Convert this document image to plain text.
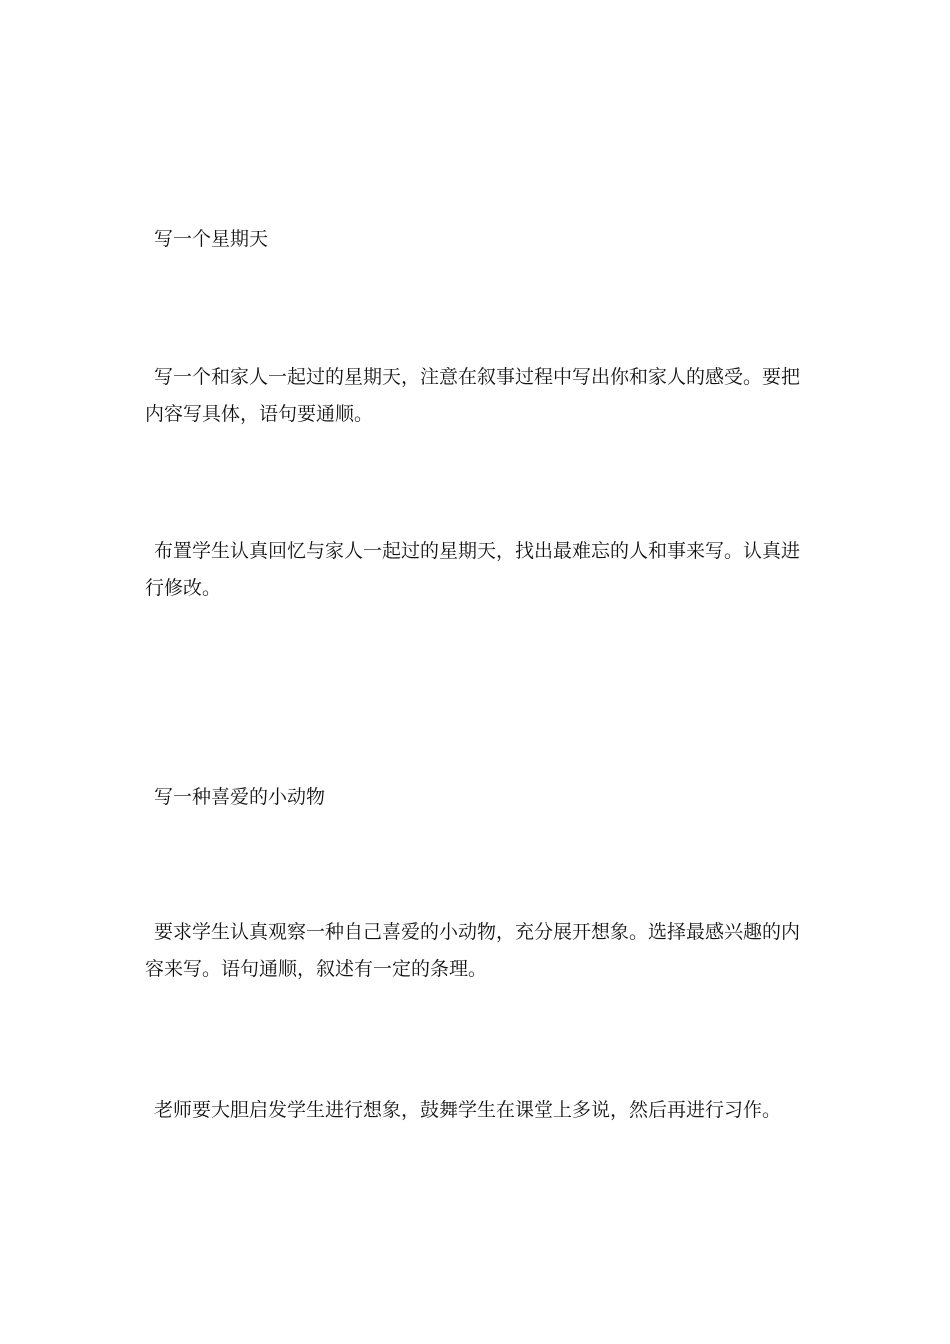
写一个星期天

写一个和家人一起过的星期天，注意在叙事过程中写出你和家人的感受。要把内容写具体，语句要通顺。

布置学生认真回忆与家人一起过的星期天，找出最难忘的人和事来写。认真进行修改。

写一种喜爱的小动物

要求学生认真观察一种自己喜爱的小动物，充分展开想象。选择最感兴趣的内容来写。语句通顺，叙述有一定的条理。

老师要大胆启发学生进行想象，鼓舞学生在课堂上多说，然后再进行习作。
